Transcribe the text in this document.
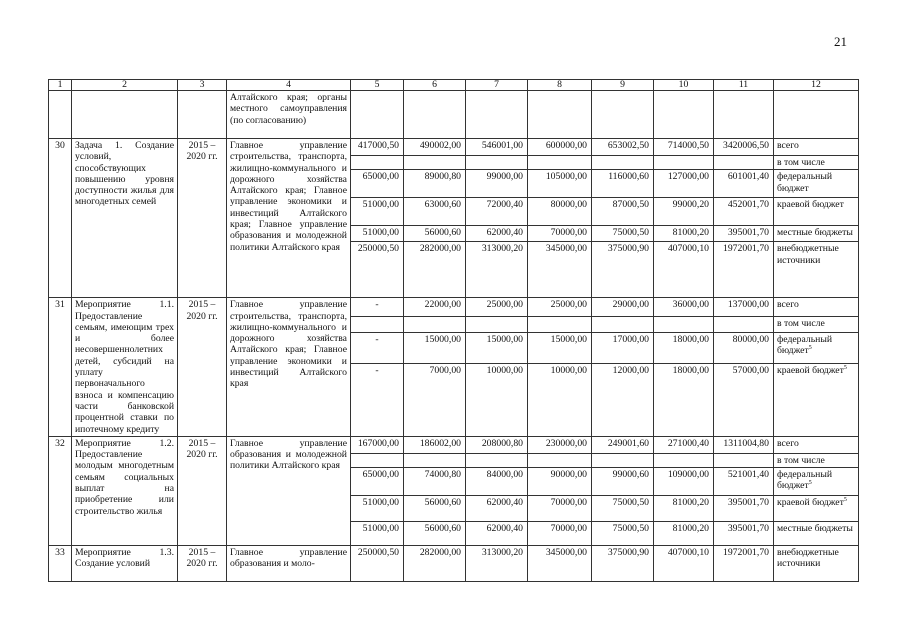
21
1	2	3	4	5	6	7	8	9	10	11	12
			Алтайского края; органы местного самоуправления (по согласованию)								
30	Задача 1. Создание условий, способствующих повышению уровня доступности жилья для многодетных семей	2015 – 2020 гг.	Главное управление строительства, транспорта, жилищно-коммунального и дорожного хозяйства Алтайского края; Главное управление экономики и инвестиций Алтайского края; Главное управление образования и молодежной политики Алтайского края	417000,50	490002,00	546001,00	600000,00	653002,50	714000,50	3420006,50	всего
											в том числе
				65000,00	89000,80	99000,00	105000,00	116000,60	127000,00	601001,40	федеральный бюджет
				51000,00	63000,60	72000,40	80000,00	87000,50	99000,20	452001,70	краевой бюджет
				51000,00	56000,60	62000,40	70000,00	75000,50	81000,20	395001,70	местные бюджеты
				250000,50	282000,00	313000,20	345000,00	375000,90	407000,10	1972001,70	внебюджетные источники
31	Мероприятие 1.1. Предоставление семьям, имеющим трех и более несовершеннолетних детей, субсидий на уплату первоначального взноса и компенсацию части банковской процентной ставки по ипотечному кредиту	2015 – 2020 гг.	Главное управление строительства, транспорта, жилищно-коммунального и дорожного хозяйства Алтайского края; Главное управление экономики и инвестиций Алтайского края	-	22000,00	25000,00	25000,00	29000,00	36000,00	137000,00	всего
											в том числе
				-	15000,00	15000,00	15000,00	17000,00	18000,00	80000,00	федеральный бюджет$^5$
				-	7000,00	10000,00	10000,00	12000,00	18000,00	57000,00	краевой бюджет$^5$
32	Мероприятие 1.2. Предоставление молодым многодетным семьям социальных выплат на приобретение или строительство жилья	2015 – 2020 гг.	Главное управление образования и молодежной политики Алтайского края	167000,00	186002,00	208000,80	230000,00	249001,60	271000,40	1311004,80	всего
											в том числе
				65000,00	74000,80	84000,00	90000,00	99000,60	109000,00	521001,40	федеральный бюджет$^5$
				51000,00	56000,60	62000,40	70000,00	75000,50	81000,20	395001,70	краевой бюджет$^5$
				51000,00	56000,60	62000,40	70000,00	75000,50	81000,20	395001,70	местные бюджеты
33	Мероприятие 1.3. Создание условий	2015 – 2020 гг.	Главное управление образования и моло-	250000,50	282000,00	313000,20	345000,00	375000,90	407000,10	1972001,70	внебюджетные источники
